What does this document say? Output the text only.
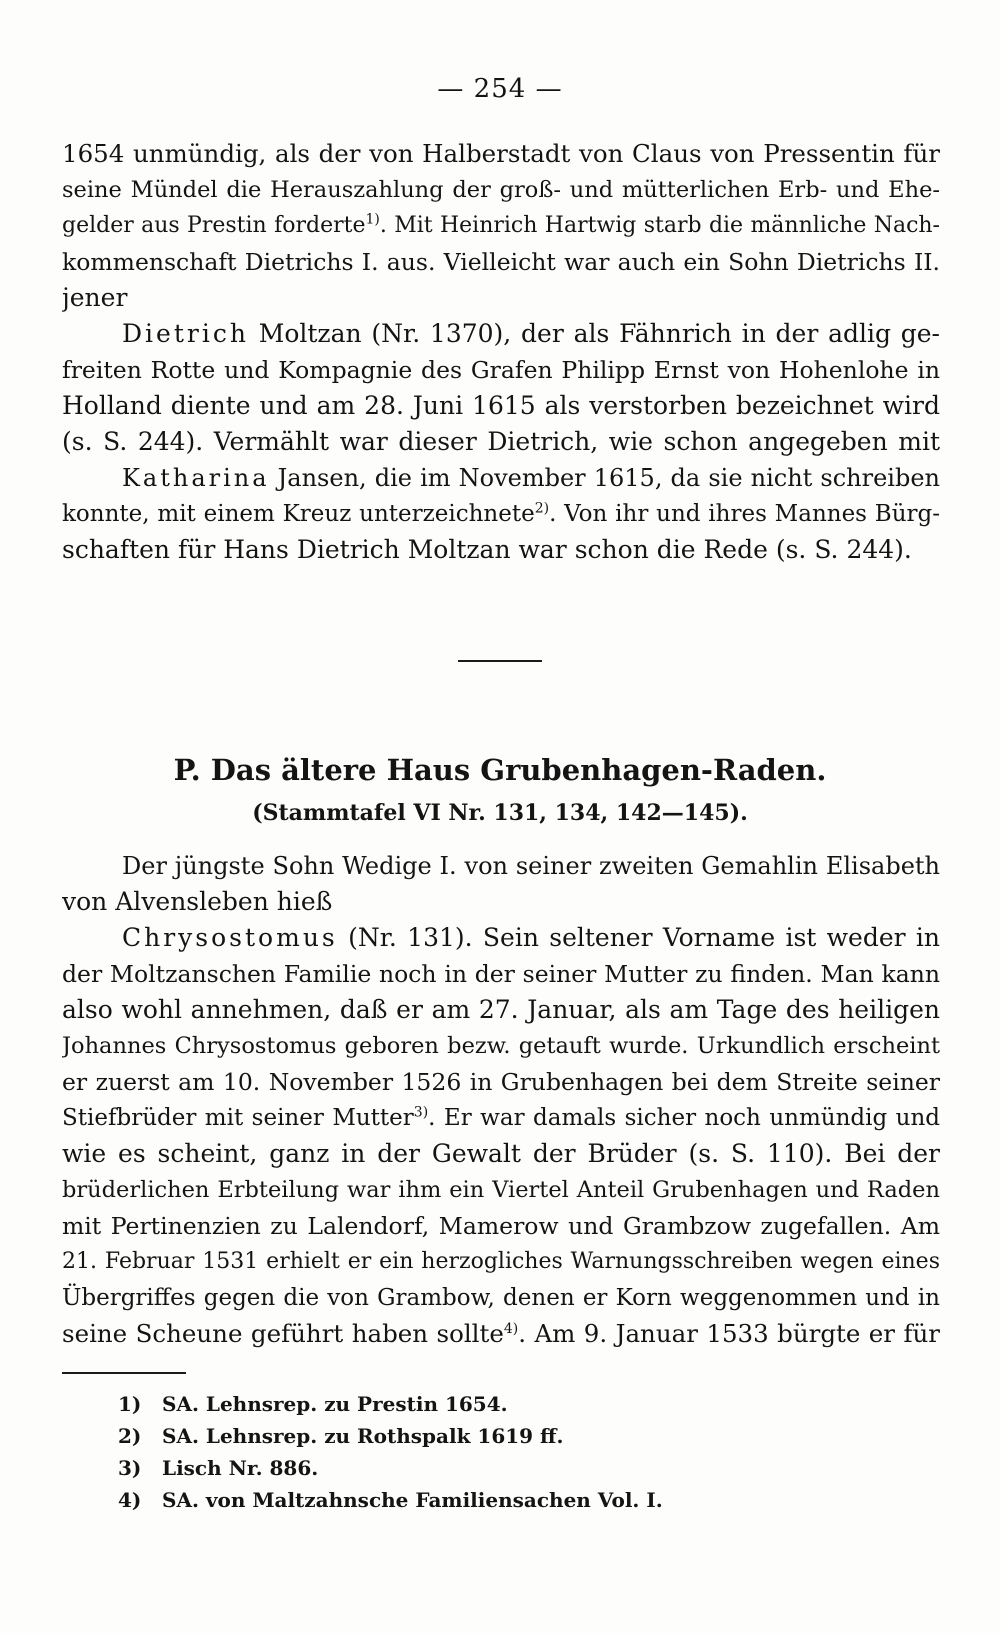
— 254 —
1654 unmündig, als der von Halberstadt von Claus von Pressentin für
seine Mündel die Herauszahlung der groß- und mütterlichen Erb- und Ehe-
gelder aus Prestin forderte$^{1)}$. Mit Heinrich Hartwig starb die männliche Nach-
kommenschaft Dietrichs I. aus. Vielleicht war auch ein Sohn Dietrichs II.
jener
Dietrich Moltzan (Nr. 1370), der als Fähnrich in der adlig ge-
freiten Rotte und Kompagnie des Grafen Philipp Ernst von Hohenlohe in
Holland diente und am 28. Juni 1615 als verstorben bezeichnet wird
(s. S. 244). Vermählt war dieser Dietrich, wie schon angegeben mit
Katharina Jansen, die im November 1615, da sie nicht schreiben
konnte, mit einem Kreuz unterzeichnete$^{2)}$. Von ihr und ihres Mannes Bürg-
schaften für Hans Dietrich Moltzan war schon die Rede (s. S. 244).
P. Das ältere Haus Grubenhagen-Raden.
(Stammtafel VI Nr. 131, 134, 142—145).
Der jüngste Sohn Wedige I. von seiner zweiten Gemahlin Elisabeth
von Alvensleben hieß
Chrysostomus (Nr. 131). Sein seltener Vorname ist weder in
der Moltzanschen Familie noch in der seiner Mutter zu finden. Man kann
also wohl annehmen, daß er am 27. Januar, als am Tage des heiligen
Johannes Chrysostomus geboren bezw. getauft wurde. Urkundlich erscheint
er zuerst am 10. November 1526 in Grubenhagen bei dem Streite seiner
Stiefbrüder mit seiner Mutter$^{3)}$. Er war damals sicher noch unmündig und
wie es scheint, ganz in der Gewalt der Brüder (s. S. 110). Bei der
brüderlichen Erbteilung war ihm ein Viertel Anteil Grubenhagen und Raden
mit Pertinenzien zu Lalendorf, Mamerow und Grambzow zugefallen. Am
21. Februar 1531 erhielt er ein herzogliches Warnungsschreiben wegen eines
Übergriffes gegen die von Grambow, denen er Korn weggenommen und in
seine Scheune geführt haben sollte$^{4)}$. Am 9. Januar 1533 bürgte er für
1) SA. Lehnsrep. zu Prestin 1654.
2) SA. Lehnsrep. zu Rothspalk 1619 ff.
3) Lisch Nr. 886.
4) SA. von Maltzahnsche Familiensachen Vol. I.
